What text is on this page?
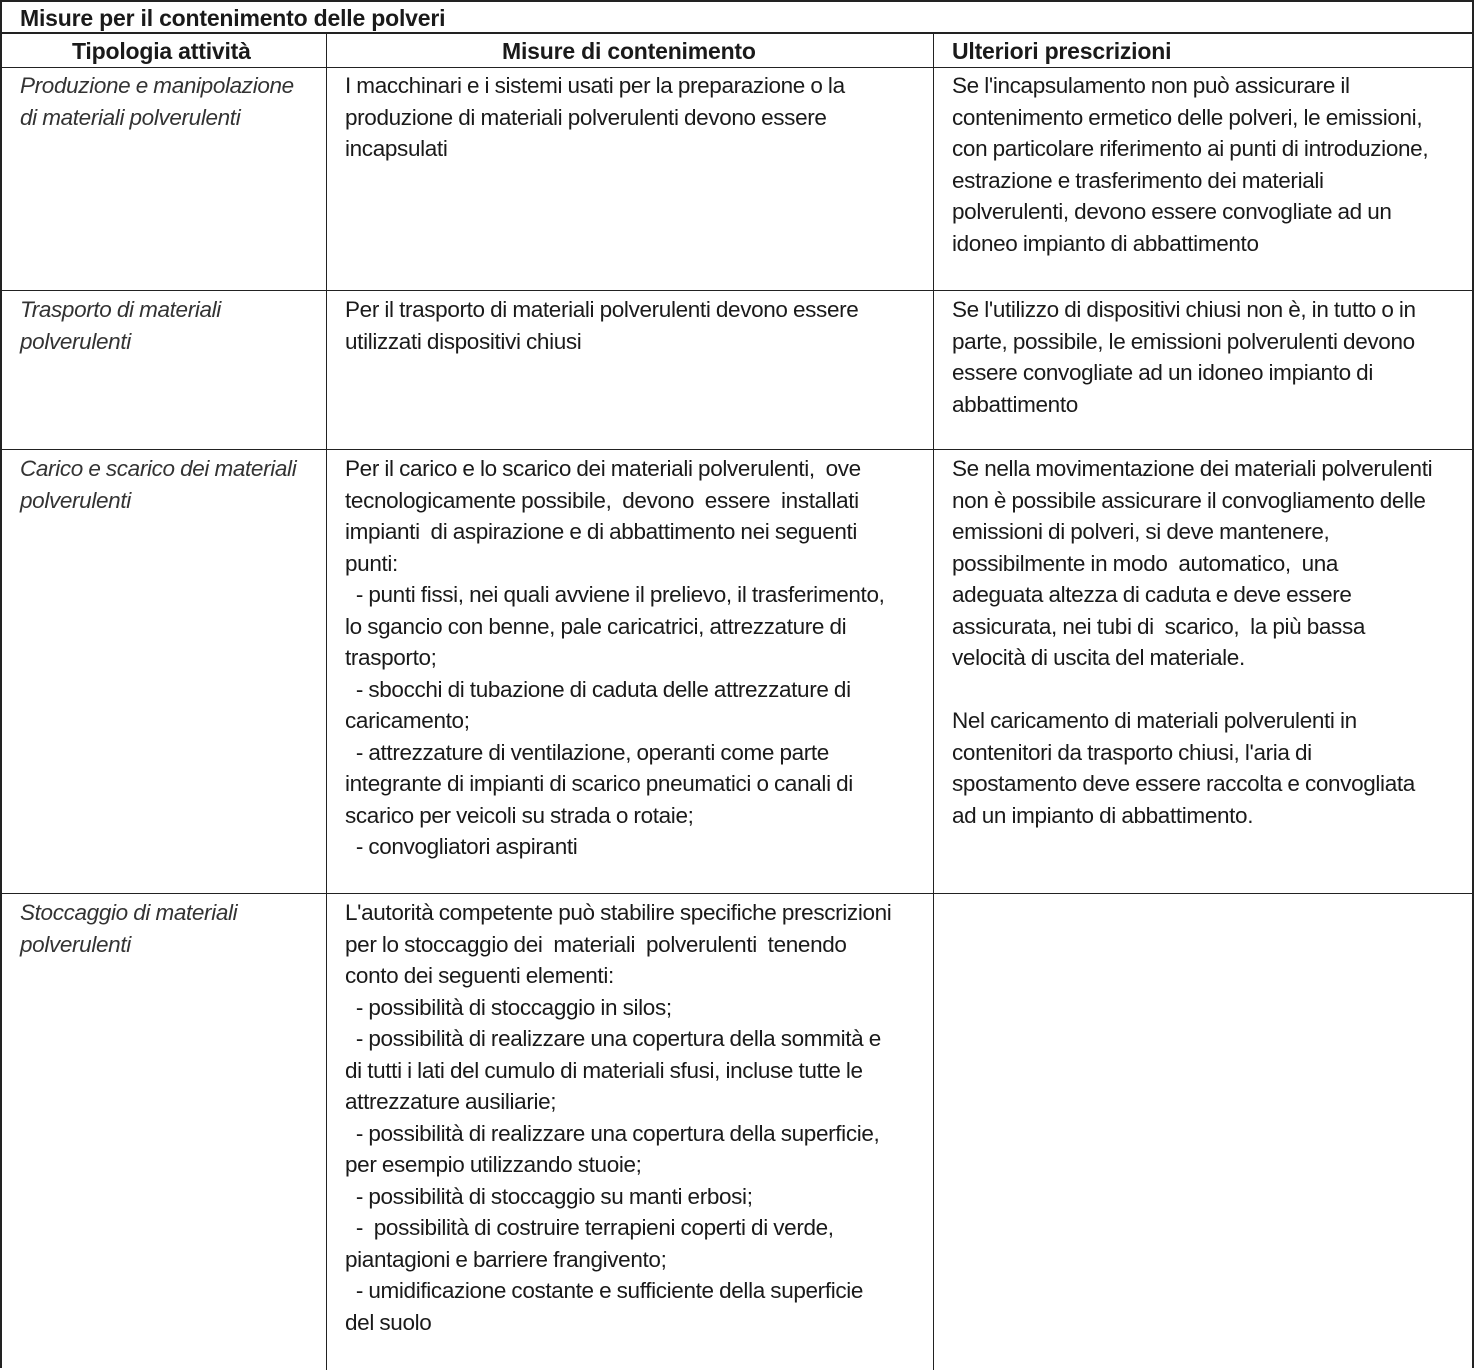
Misure per il contenimento delle polveri
Tipologia attività	Misure di contenimento	Ulteriori prescrizioni
Produzione e manipolazione
di materiali polverulenti
I macchinari e i sistemi usati per la preparazione o la
produzione di materiali polverulenti devono essere
incapsulati
Se l'incapsulamento non può assicurare il
contenimento ermetico delle polveri, le emissioni,
con particolare riferimento ai punti di introduzione,
estrazione e trasferimento dei materiali
polverulenti, devono essere convogliate ad un
idoneo impianto di abbattimento
Trasporto di materiali
polverulenti
Per il trasporto di materiali polverulenti devono essere
utilizzati dispositivi chiusi
Se l'utilizzo di dispositivi chiusi non è, in tutto o in
parte, possibile, le emissioni polverulenti devono
essere convogliate ad un idoneo impianto di
abbattimento
Carico e scarico dei materiali
polverulenti
Per il carico e lo scarico dei materiali polverulenti,  ove
tecnologicamente possibile,  devono  essere  installati
impianti  di aspirazione e di abbattimento nei seguenti
punti:
- punti fissi, nei quali avviene il prelievo, il trasferimento,
lo sgancio con benne, pale caricatrici, attrezzature di
trasporto;
- sbocchi di tubazione di caduta delle attrezzature di
caricamento;
- attrezzature di ventilazione, operanti come parte
integrante di impianti di scarico pneumatici o canali di
scarico per veicoli su strada o rotaie;
- convogliatori aspiranti
Se nella movimentazione dei materiali polverulenti
non è possibile assicurare il convogliamento delle
emissioni di polveri, si deve mantenere,
possibilmente in modo  automatico,  una
adeguata altezza di caduta e deve essere
assicurata, nei tubi di  scarico,  la più bassa
velocità di uscita del materiale.

Nel caricamento di materiali polverulenti in
contenitori da trasporto chiusi, l'aria di
spostamento deve essere raccolta e convogliata
ad un impianto di abbattimento.
Stoccaggio di materiali
polverulenti
L'autorità competente può stabilire specifiche prescrizioni
per lo stoccaggio dei  materiali  polverulenti  tenendo
conto dei seguenti elementi:
- possibilità di stoccaggio in silos;
- possibilità di realizzare una copertura della sommità e
di tutti i lati del cumulo di materiali sfusi, incluse tutte le
attrezzature ausiliarie;
- possibilità di realizzare una copertura della superficie,
per esempio utilizzando stuoie;
- possibilità di stoccaggio su manti erbosi;
-  possibilità di costruire terrapieni coperti di verde,
piantagioni e barriere frangivento;
- umidificazione costante e sufficiente della superficie
del suolo
